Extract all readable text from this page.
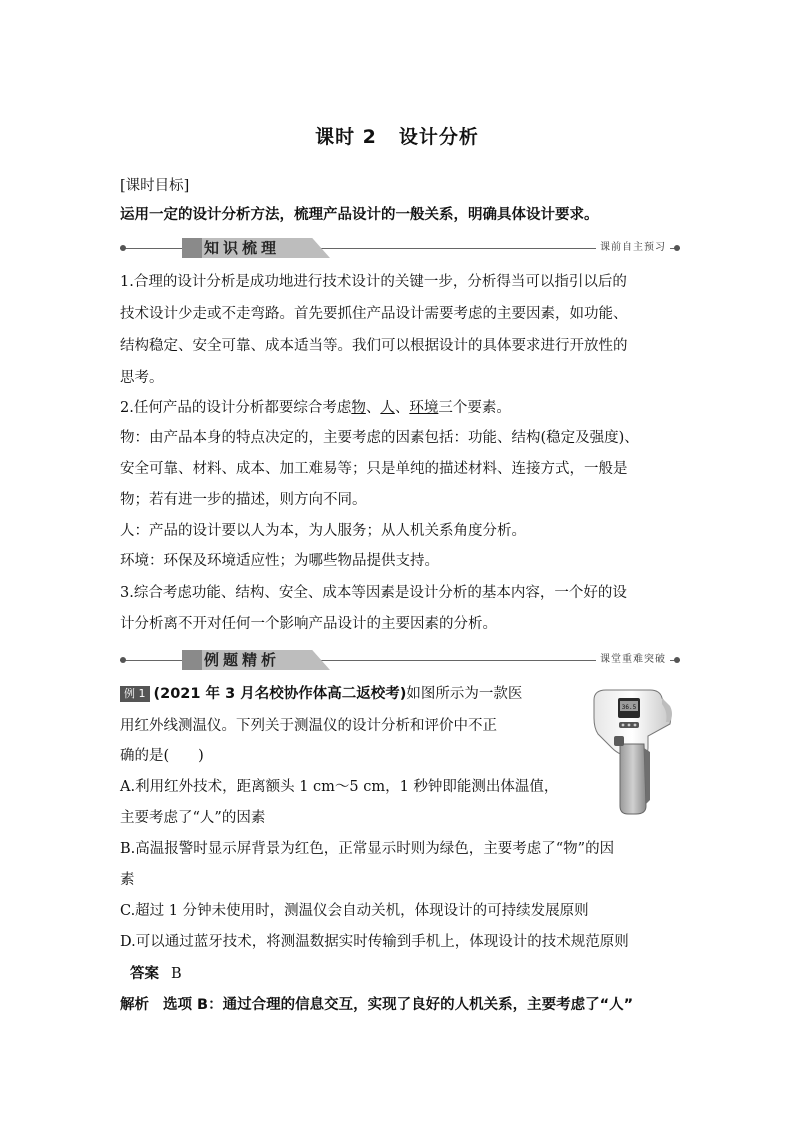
课时 2 设计分析
[课时目标]
运用一定的设计分析方法，梳理产品设计的一般关系，明确具体设计要求。
知识梳理	课前自主预习
1.合理的设计分析是成功地进行技术设计的关键一步，分析得当可以指引以后的
技术设计少走或不走弯路。首先要抓住产品设计需要考虑的主要因素，如功能、
结构稳定、安全可靠、成本适当等。我们可以根据设计的具体要求进行开放性的
思考。
2.任何产品的设计分析都要综合考虑物、人、环境三个要素。
物：由产品本身的特点决定的，主要考虑的因素包括：功能、结构(稳定及强度)、
安全可靠、材料、成本、加工难易等；只是单纯的描述材料、连接方式，一般是
物；若有进一步的描述，则方向不同。
人：产品的设计要以人为本，为人服务；从人机关系角度分析。
环境：环保及环境适应性；为哪些物品提供支持。
3.综合考虑功能、结构、安全、成本等因素是设计分析的基本内容，一个好的设
计分析离不开对任何一个影响产品设计的主要因素的分析。
例题精析	课堂重难突破
例 1 (2021 年 3 月名校协作体高二返校考)如图所示为一款医
用红外线测温仪。下列关于测温仪的设计分析和评价中不正
确的是(　　)
A.利用红外技术，距离额头 1 cm～5 cm，1 秒钟即能测出体温值，
主要考虑了“人”的因素
B.高温报警时显示屏背景为红色，正常显示时则为绿色，主要考虑了“物”的因
素
C.超过 1 分钟未使用时，测温仪会自动关机，体现设计的可持续发展原则
D.可以通过蓝牙技术，将测温数据实时传输到手机上，体现设计的技术规范原则
答案 B
解析 选项 B：通过合理的信息交互，实现了良好的人机关系，主要考虑了“人”
36.5
